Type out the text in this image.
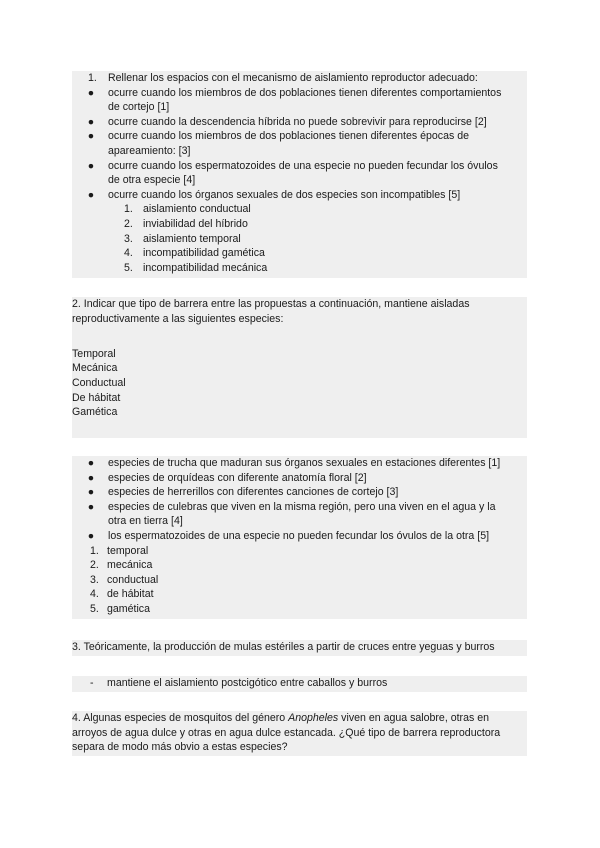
1. Rellenar los espacios con el mecanismo de aislamiento reproductor adecuado:
● ocurre cuando los miembros de dos poblaciones tienen diferentes comportamientos
de cortejo [1]
● ocurre cuando la descendencia híbrida no puede sobrevivir para reproducirse [2]
● ocurre cuando los miembros de dos poblaciones tienen diferentes épocas de
apareamiento: [3]
● ocurre cuando los espermatozoides de una especie no pueden fecundar los óvulos
de otra especie [4]
● ocurre cuando los órganos sexuales de dos especies son incompatibles [5]
1. aislamiento conductual
2. inviabilidad del híbrido
3. aislamiento temporal
4. incompatibilidad gamética
5. incompatibilidad mecánica
2. Indicar que tipo de barrera entre las propuestas a continuación, mantiene aisladas
reproductivamente a las siguientes especies:

Temporal
Mecánica
Conductual
De hábitat
Gamética
● especies de trucha que maduran sus órganos sexuales en estaciones diferentes [1]
● especies de orquídeas con diferente anatomía floral [2]
● especies de herrerillos con diferentes canciones de cortejo [3]
● especies de culebras que viven en la misma región, pero una viven en el agua y la
otra en tierra [4]
● los espermatozoides de una especie no pueden fecundar los óvulos de la otra [5]
1. temporal
2. mecánica
3. conductual
4. de hábitat
5. gamética
3. Teóricamente, la producción de mulas estériles a partir de cruces entre yeguas y burros
- mantiene el aislamiento postcigótico entre caballos y burros
4. Algunas especies de mosquitos del género Anopheles viven en agua salobre, otras en
arroyos de agua dulce y otras en agua dulce estancada. ¿Qué tipo de barrera reproductora
separa de modo más obvio a estas especies?
